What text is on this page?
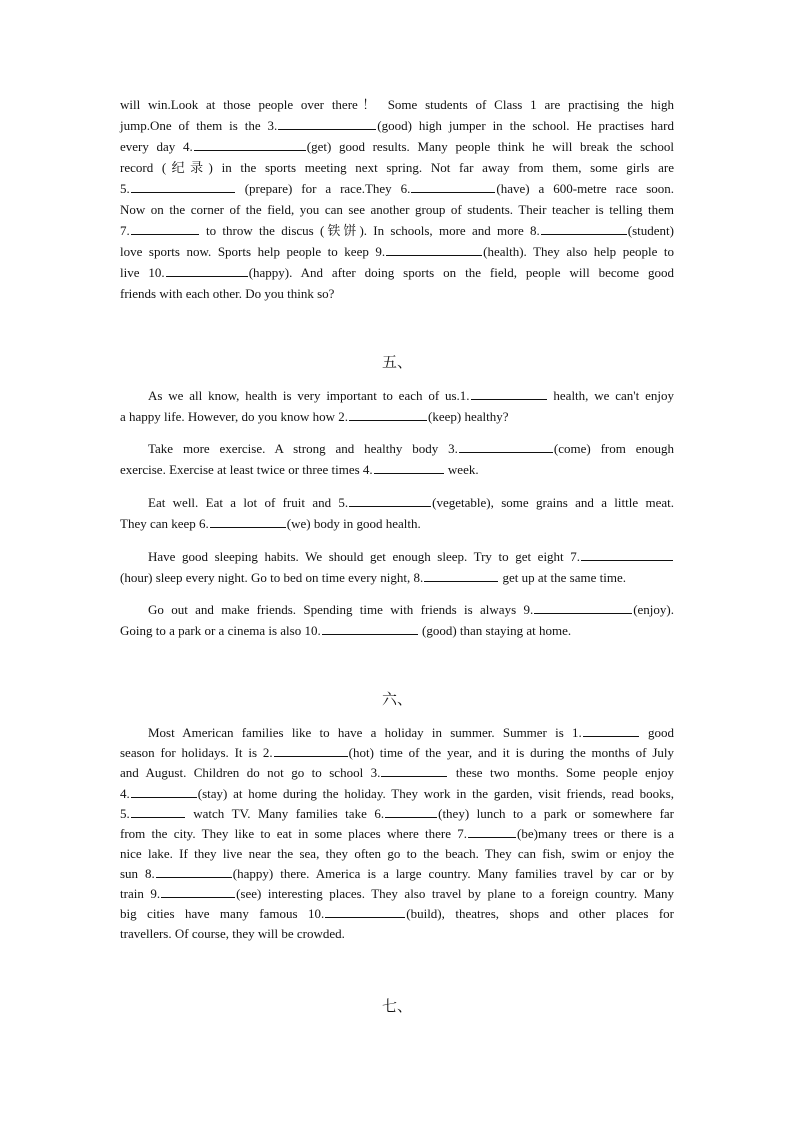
will win.Look at those people over there！ Some students of Class 1 are practising the high
jump.One of them is the 3.	(good) high jumper in the school. He practises hard
every day 4.	(get) good results. Many people think he will break the school
record (纪录) in the sports meeting next spring. Not far away from them, some girls are
5.	(prepare) for a race.They 6.	(have) a 600-metre race soon.
Now on the corner of the field, you can see another group of students. Their teacher is telling them
7.	to throw the discus (铁饼). In schools, more and more 8.	(student)
love sports now. Sports help people to keep 9.	(health). They also help people to
live 10.	(happy). And after doing sports on the field, people will become good
friends with each other. Do you think so?
五、
As we all know, health is very important to each of us.1.	health, we can't enjoy
a happy life. However, do you know how 2.	(keep) healthy?
Take more exercise. A strong and healthy body 3.	(come) from enough
exercise. Exercise at least twice or three times 4.	week.
Eat well. Eat a lot of fruit and 5.	(vegetable), some grains and a little meat.
They can keep 6.	(we) body in good health.
Have good sleeping habits. We should get enough sleep. Try to get eight 7.
(hour) sleep every night. Go to bed on time every night, 8.	get up at the same time.
Go out and make friends. Spending time with friends is always 9.	(enjoy).
Going to a park or a cinema is also 10.	(good) than staying at home.
六、
Most American families like to have a holiday in summer. Summer is 1.	good
season for holidays. It is 2.	(hot) time of the year, and it is during the months of July
and August. Children do not go to school 3.	these two months. Some people enjoy
4.	(stay) at home during the holiday. They work in the garden, visit friends, read books,
5.	watch TV. Many families take 6.	(they) lunch to a park or somewhere far
from the city. They like to eat in some places where there 7.	(be)many trees or there is a
nice lake. If they live near the sea, they often go to the beach. They can fish, swim or enjoy the
sun 8.	(happy) there. America is a large country. Many families travel by car or by
train 9.	(see) interesting places. They also travel by plane to a foreign country. Many
big cities have many famous 10.	(build), theatres, shops and other places for
travellers. Of course, they will be crowded.
七、
